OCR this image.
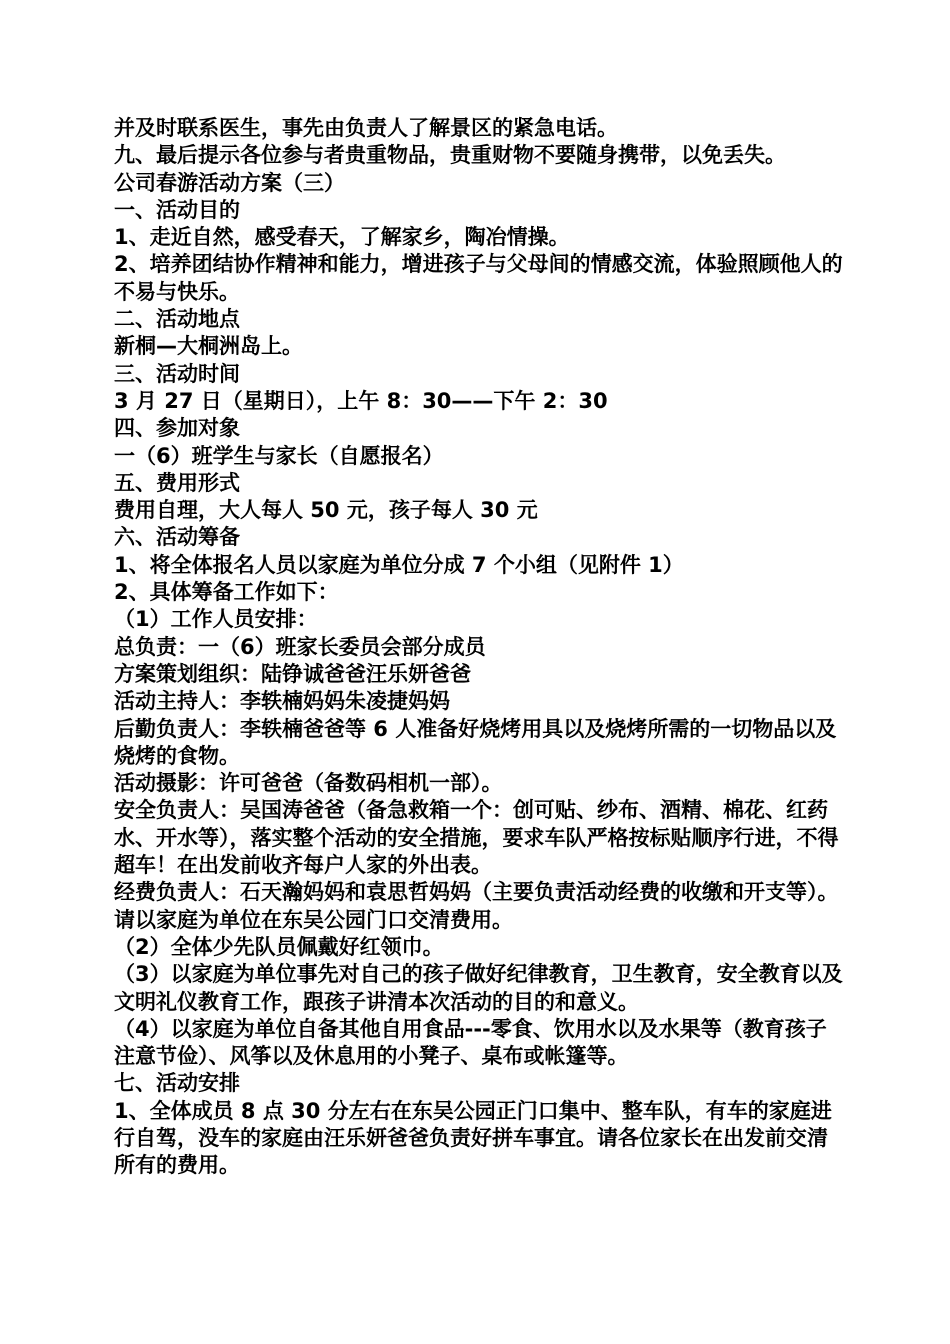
并及时联系医生，事先由负责人了解景区的紧急电话。

九、最后提示各位参与者贵重物品，贵重财物不要随身携带，以免丢失。

公司春游活动方案（三）

一、活动目的

1、走近自然，感受春天，了解家乡，陶冶情操。

2、培养团结协作精神和能力，增进孩子与父母间的情感交流，体验照顾他人的不易与快乐。

二、活动地点

新桐—大桐洲岛上。

三、活动时间

3 月 27 日（星期日），上午 8：30——下午 2：30

四、参加对象

一（6）班学生与家长（自愿报名）

五、费用形式

费用自理，大人每人 50 元，孩子每人 30 元

六、活动筹备

1、将全体报名人员以家庭为单位分成 7 个小组（见附件 1）

2、具体筹备工作如下：

（1）工作人员安排：

总负责：一（6）班家长委员会部分成员

方案策划组织：陆铮诚爸爸汪乐妍爸爸

活动主持人：李轶楠妈妈朱凌捷妈妈

后勤负责人：李轶楠爸爸等 6 人准备好烧烤用具以及烧烤所需的一切物品以及烧烤的食物。

活动摄影：许可爸爸（备数码相机一部）。

安全负责人：吴国涛爸爸（备急救箱一个：创可贴、纱布、酒精、棉花、红药水、开水等），落实整个活动的安全措施，要求车队严格按标贴顺序行进，不得超车！在出发前收齐每户人家的外出表。

经费负责人：石天瀚妈妈和袁思哲妈妈（主要负责活动经费的收缴和开支等）。请以家庭为单位在东吴公园门口交清费用。

（2）全体少先队员佩戴好红领巾。

（3）以家庭为单位事先对自己的孩子做好纪律教育，卫生教育，安全教育以及文明礼仪教育工作，跟孩子讲清本次活动的目的和意义。

（4）以家庭为单位自备其他自用食品---零食、饮用水以及水果等（教育孩子注意节俭）、风筝以及休息用的小凳子、桌布或帐篷等。

七、活动安排

1、全体成员 8 点 30 分左右在东吴公园正门口集中、整车队，有车的家庭进行自驾，没车的家庭由汪乐妍爸爸负责好拼车事宜。请各位家长在出发前交清所有的费用。
